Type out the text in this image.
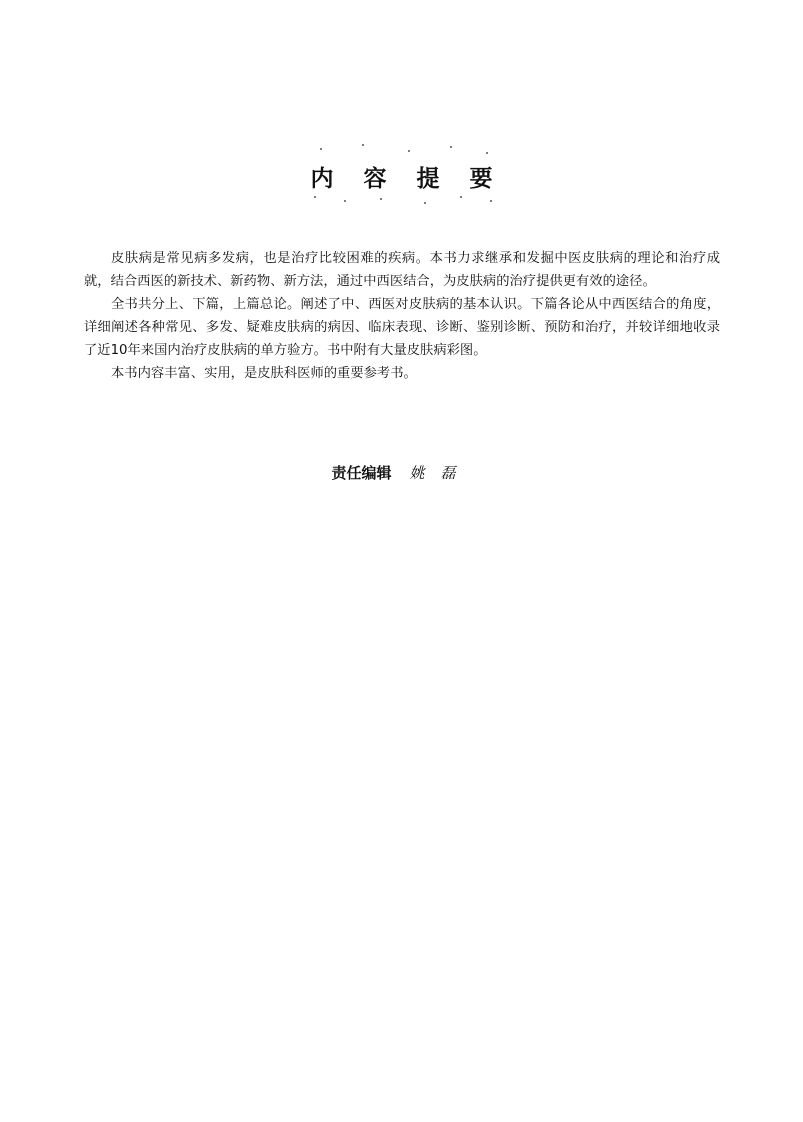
内容提要

皮肤病是常见病多发病，也是治疗比较困难的疾病。本书力求继承和发掘中医皮肤病的理论和治疗成就，结合西医的新技术、新药物、新方法，通过中西医结合，为皮肤病的治疗提供更有效的途径。

全书共分上、下篇，上篇总论。阐述了中、西医对皮肤病的基本认识。下篇各论从中西医结合的角度，详细阐述各种常见、多发、疑难皮肤病的病因、临床表现、诊断、鉴别诊断、预防和治疗，并较详细地收录了近10年来国内治疗皮肤病的单方验方。书中附有大量皮肤病彩图。

本书内容丰富、实用，是皮肤科医师的重要参考书。

责任编辑 姚磊
